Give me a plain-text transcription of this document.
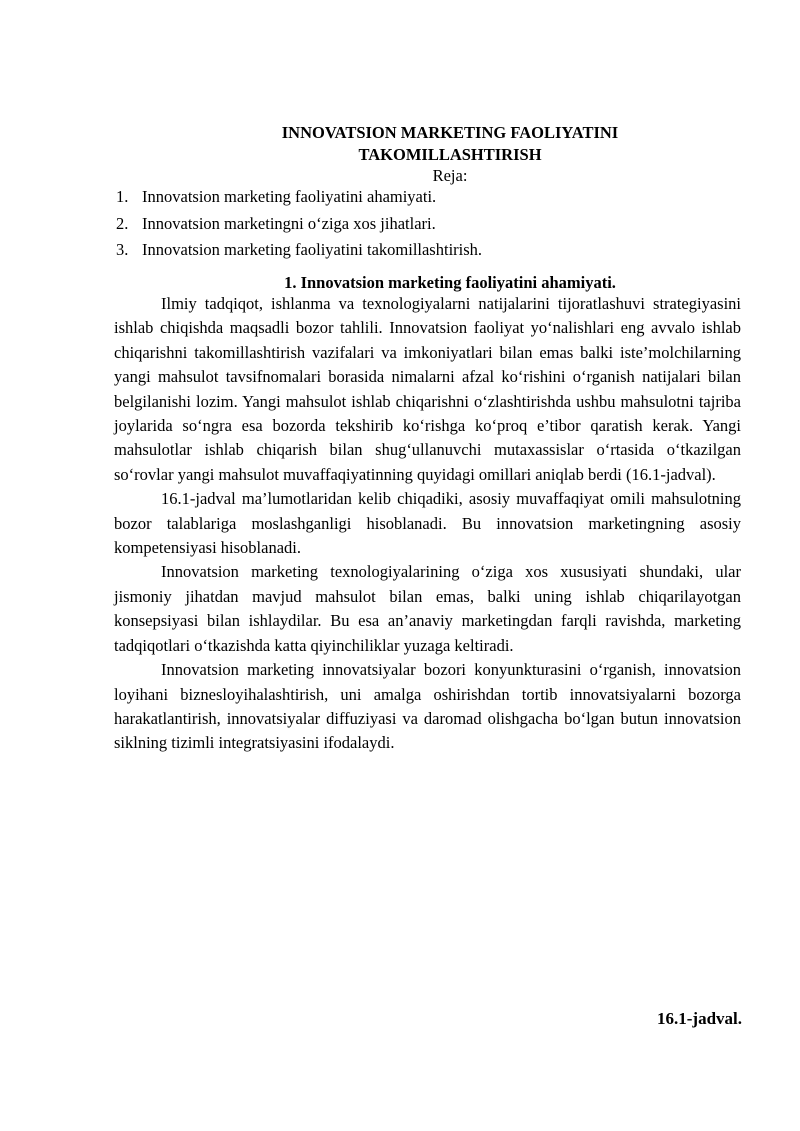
INNOVATSION MARKETING FAOLIYATINI
TAKOMILLASHTIRISH
Reja:
1. Innovatsion marketing faoliyatini ahamiyati.
2. Innovatsion marketingni o‘ziga xos jihatlari.
3. Innovatsion marketing faoliyatini takomillashtirish.
1. Innovatsion marketing faoliyatini ahamiyati.

Ilmiy tadqiqot, ishlanma va texnologiyalarni natijalarini tijoratlashuvi strategiyasini ishlab chiqishda maqsadli bozor tahlili. Innovatsion faoliyat yo‘nalishlari eng avvalo ishlab chiqarishni takomillashtirish vazifalari va imkoniyatlari bilan emas balki iste’molchilarning yangi mahsulot tavsifnomalari borasida nimalarni afzal ko‘rishini o‘rganish natijalari bilan belgilanishi lozim. Yangi mahsulot ishlab chiqarishni o‘zlashtirishda ushbu mahsulotni tajriba joylarida so‘ngra esa bozorda tekshirib ko‘rishga ko‘proq e’tibor qaratish kerak. Yangi mahsulotlar ishlab chiqarish bilan shug‘ullanuvchi mutaxassislar o‘rtasida o‘tkazilgan so‘rovlar yangi mahsulot muvaffaqiyatinning quyidagi omillari aniqlab berdi (16.1-jadval).

16.1-jadval ma’lumotlaridan kelib chiqadiki, asosiy muvaffaqiyat omili mahsulotning bozor talablariga moslashganligi hisoblanadi. Bu innovatsion marketingning asosiy kompetensiyasi hisoblanadi.

Innovatsion marketing texnologiyalarining o‘ziga xos xususiyati shundaki, ular jismoniy jihatdan mavjud mahsulot bilan emas, balki uning ishlab chiqarilayotgan konsepsiyasi bilan ishlaydilar. Bu esa an’anaviy marketingdan farqli ravishda, marketing tadqiqotlari o‘tkazishda katta qiyinchiliklar yuzaga keltiradi.

Innovatsion marketing innovatsiyalar bozori konyunkturasini o‘rganish, innovatsion loyihani biznesloyihalashtirish, uni amalga oshirishdan tortib innovatsiyalarni bozorga harakatlantirish, innovatsiyalar diffuziyasi va daromad olishgacha bo‘lgan butun innovatsion siklning tizimli integratsiyasini ifodalaydi.

16.1-jadval.
